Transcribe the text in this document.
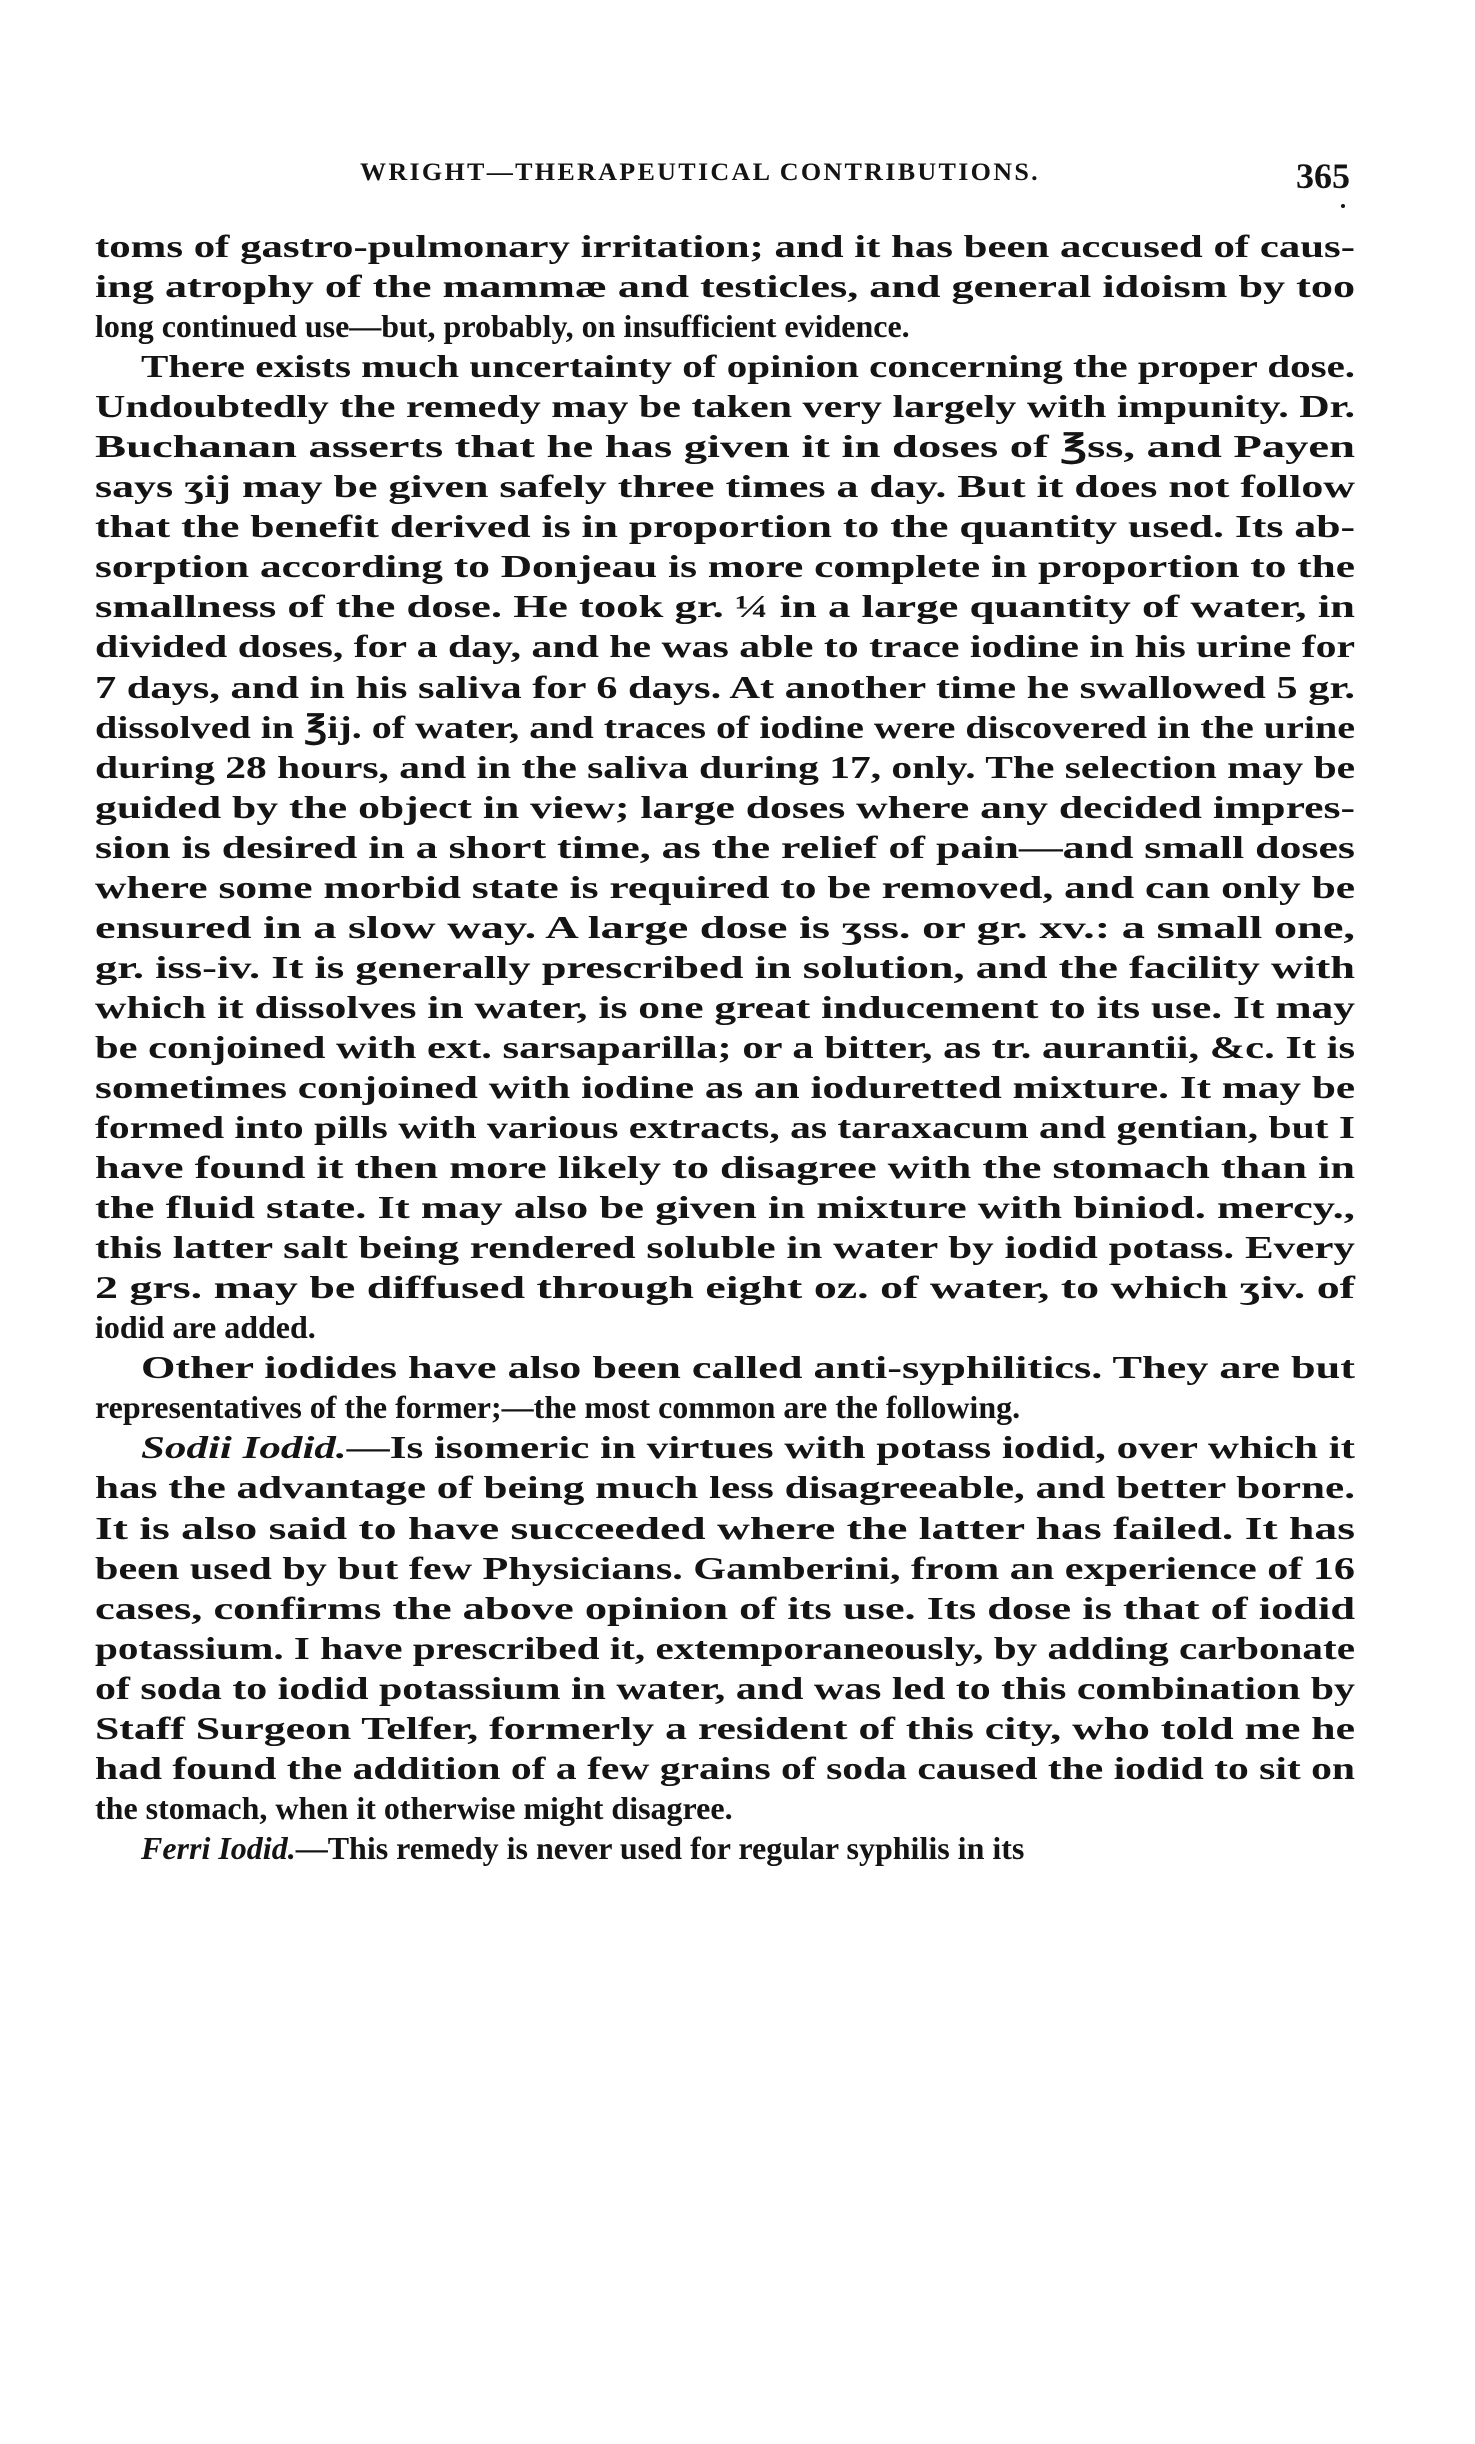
WRIGHT—THERAPEUTICAL CONTRIBUTIONS.	365
toms of gastro-pulmonary irritation; and it has been accused of caus-
ing atrophy of the mammæ and testicles, and general idoism by too
long continued use—but, probably, on insufficient evidence.
There exists much uncertainty of opinion concerning the proper dose.
Undoubtedly the remedy may be taken very largely with impunity. Dr.
Buchanan asserts that he has given it in doses of ℥ss, and Payen
says ʒij may be given safely three times a day. But it does not follow
that the benefit derived is in proportion to the quantity used. Its ab-
sorption according to Donjeau is more complete in proportion to the
smallness of the dose. He took gr. ¼ in a large quantity of water, in
divided doses, for a day, and he was able to trace iodine in his urine for
7 days, and in his saliva for 6 days. At another time he swallowed 5 gr.
dissolved in ℥ij. of water, and traces of iodine were discovered in the urine
during 28 hours, and in the saliva during 17, only. The selection may be
guided by the object in view; large doses where any decided impres-
sion is desired in a short time, as the relief of pain—and small doses
where some morbid state is required to be removed, and can only be
ensured in a slow way. A large dose is ʒss. or gr. xv.: a small one,
gr. iss-iv. It is generally prescribed in solution, and the facility with
which it dissolves in water, is one great inducement to its use. It may
be conjoined with ext. sarsaparilla; or a bitter, as tr. aurantii, &c. It is
sometimes conjoined with iodine as an ioduretted mixture. It may be
formed into pills with various extracts, as taraxacum and gentian, but I
have found it then more likely to disagree with the stomach than in
the fluid state. It may also be given in mixture with biniod. mercy.,
this latter salt being rendered soluble in water by iodid potass. Every
2 grs. may be diffused through eight oz. of water, to which ʒiv. of
iodid are added.
Other iodides have also been called anti-syphilitics. They are but
representatives of the former;—the most common are the following.
Sodii Iodid.—Is isomeric in virtues with potass iodid, over which it
has the advantage of being much less disagreeable, and better borne.
It is also said to have succeeded where the latter has failed. It has
been used by but few Physicians. Gamberini, from an experience of 16
cases, confirms the above opinion of its use. Its dose is that of iodid
potassium. I have prescribed it, extemporaneously, by adding carbonate
of soda to iodid potassium in water, and was led to this combination by
Staff Surgeon Telfer, formerly a resident of this city, who told me he
had found the addition of a few grains of soda caused the iodid to sit on
the stomach, when it otherwise might disagree.
Ferri Iodid.—This remedy is never used for regular syphilis in its
